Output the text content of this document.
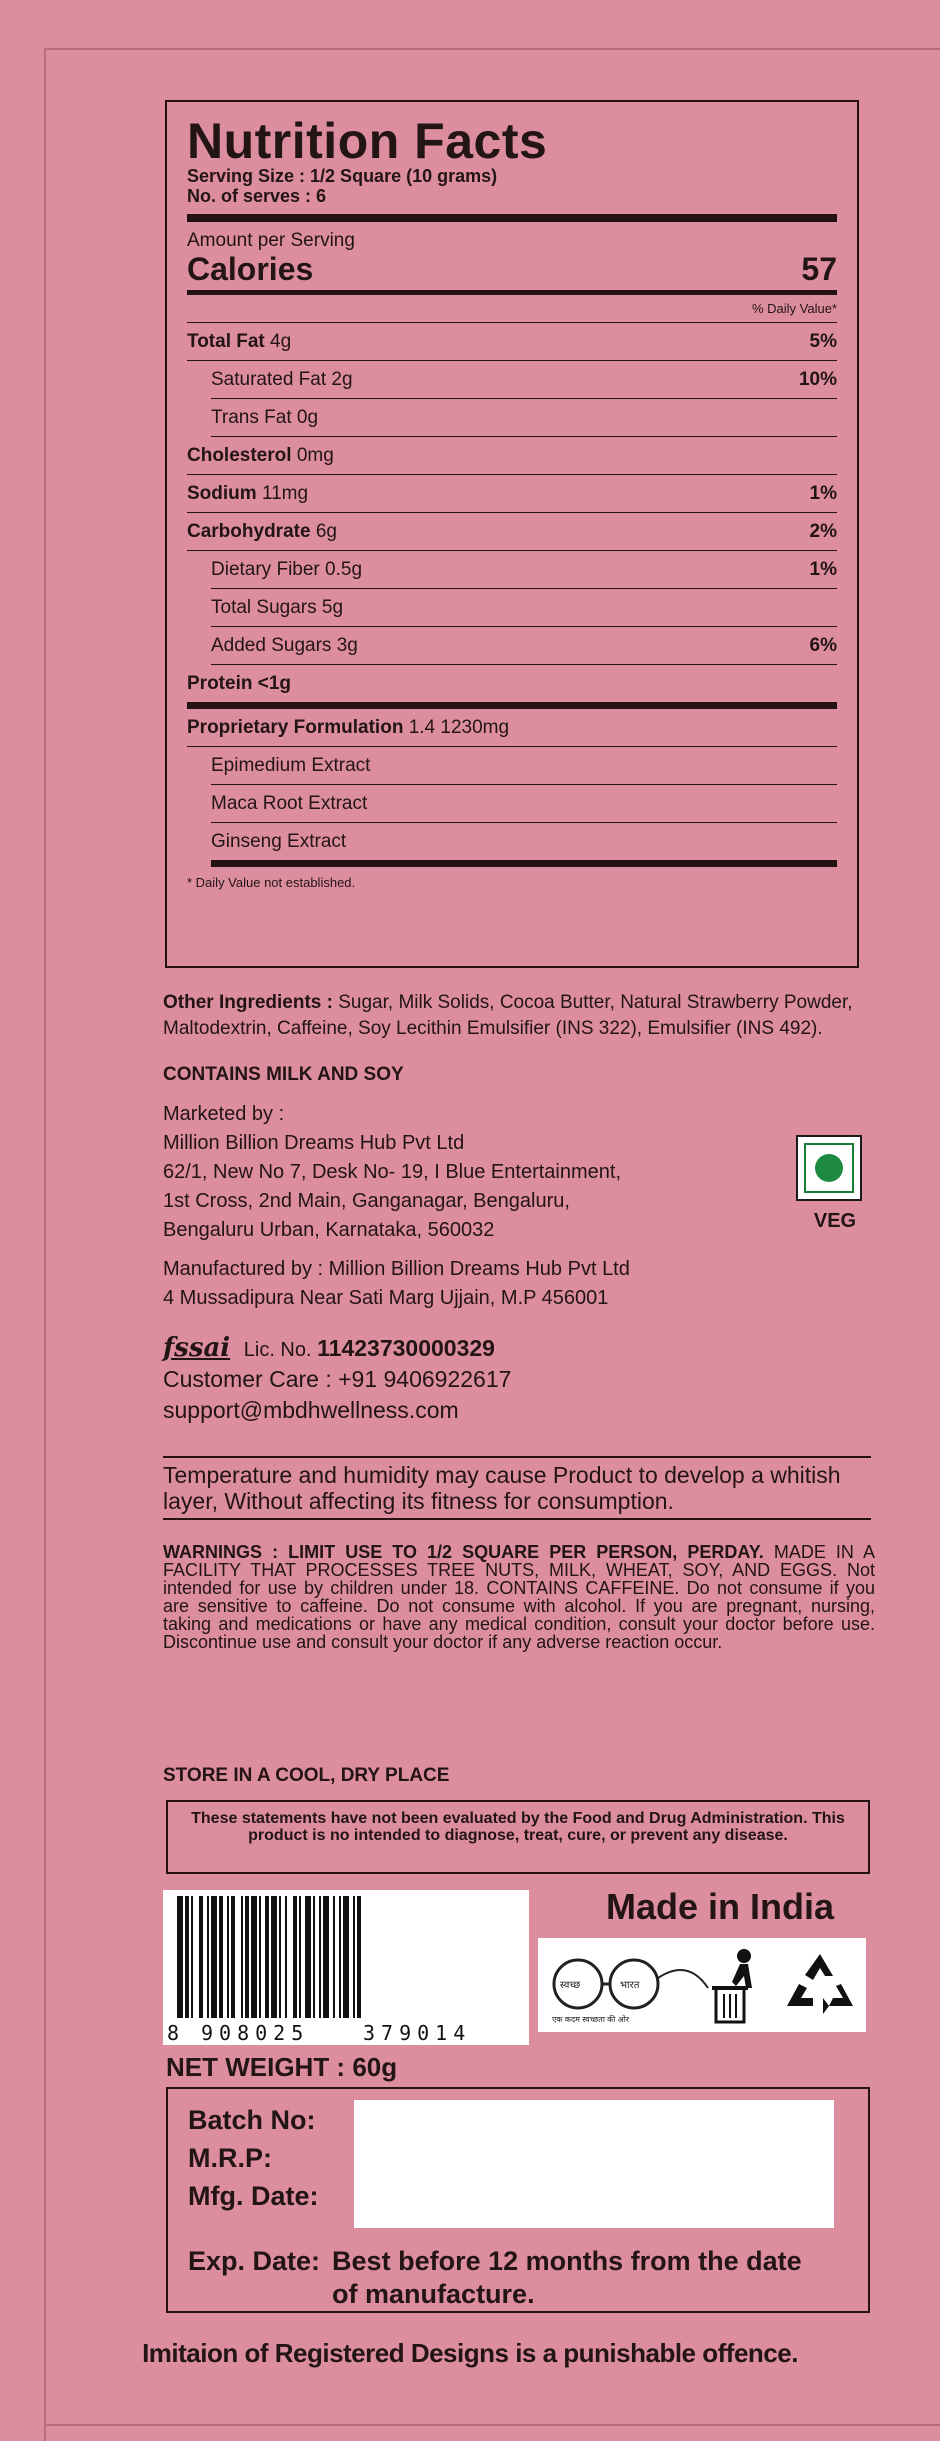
Nutrition Facts
Serving Size : 1/2 Square (10 grams)
No. of serves : 6
Amount per Serving
Calories	57
% Daily Value*
Total Fat 4g	5%
Saturated Fat 2g	10%
Trans Fat 0g
Cholesterol 0mg
Sodium 11mg	1%
Carbohydrate 6g	2%
Dietary Fiber 0.5g	1%
Total Sugars 5g
Added Sugars 3g	6%
Protein <1g
Proprietary Formulation 1.4 1230mg
Epimedium Extract
Maca Root Extract
Ginseng Extract
* Daily Value not established.
Other Ingredients : Sugar, Milk Solids, Cocoa Butter, Natural Strawberry Powder, Maltodextrin, Caffeine, Soy Lecithin Emulsifier (INS 322), Emulsifier (INS 492).
CONTAINS MILK AND SOY
Marketed by :
Million Billion Dreams Hub Pvt Ltd
62/1, New No 7, Desk No- 19, I Blue Entertainment,
1st Cross, 2nd Main, Ganganagar, Bengaluru,
Bengaluru Urban, Karnataka, 560032	VEG
Manufactured by : Million Billion Dreams Hub Pvt Ltd
4 Mussadipura Near Sati Marg Ujjain, M.P 456001
fssai Lic. No. 11423730000329
Customer Care : +91 9406922617
support@mbdhwellness.com
Temperature and humidity may cause Product to develop a whitish layer, Without affecting its fitness for consumption.
WARNINGS : LIMIT USE TO 1/2 SQUARE PER PERSON, PERDAY. MADE IN A FACILITY THAT PROCESSES TREE NUTS, MILK, WHEAT, SOY, AND EGGS. Not intended for use by children under 18. CONTAINS CAFFEINE. Do not consume if you are sensitive to caffeine. Do not consume with alcohol. If you are pregnant, nursing, taking and medications or have any medical condition, consult your doctor before use. Discontinue use and consult your doctor if any adverse reaction occur.
STORE IN A COOL, DRY PLACE
These statements have not been evaluated by the Food and Drug Administration. This product is no intended to diagnose, treat, cure, or prevent any disease.
8 908025	379014
Made in India
स्वच्छ	भारत
एक कदम स्वच्छता की ओर
NET WEIGHT : 60g
Batch No:
M.R.P:
Mfg. Date:
Exp. Date: Best before 12 months from the date of manufacture.
Imitaion of Registered Designs is a punishable offence.
